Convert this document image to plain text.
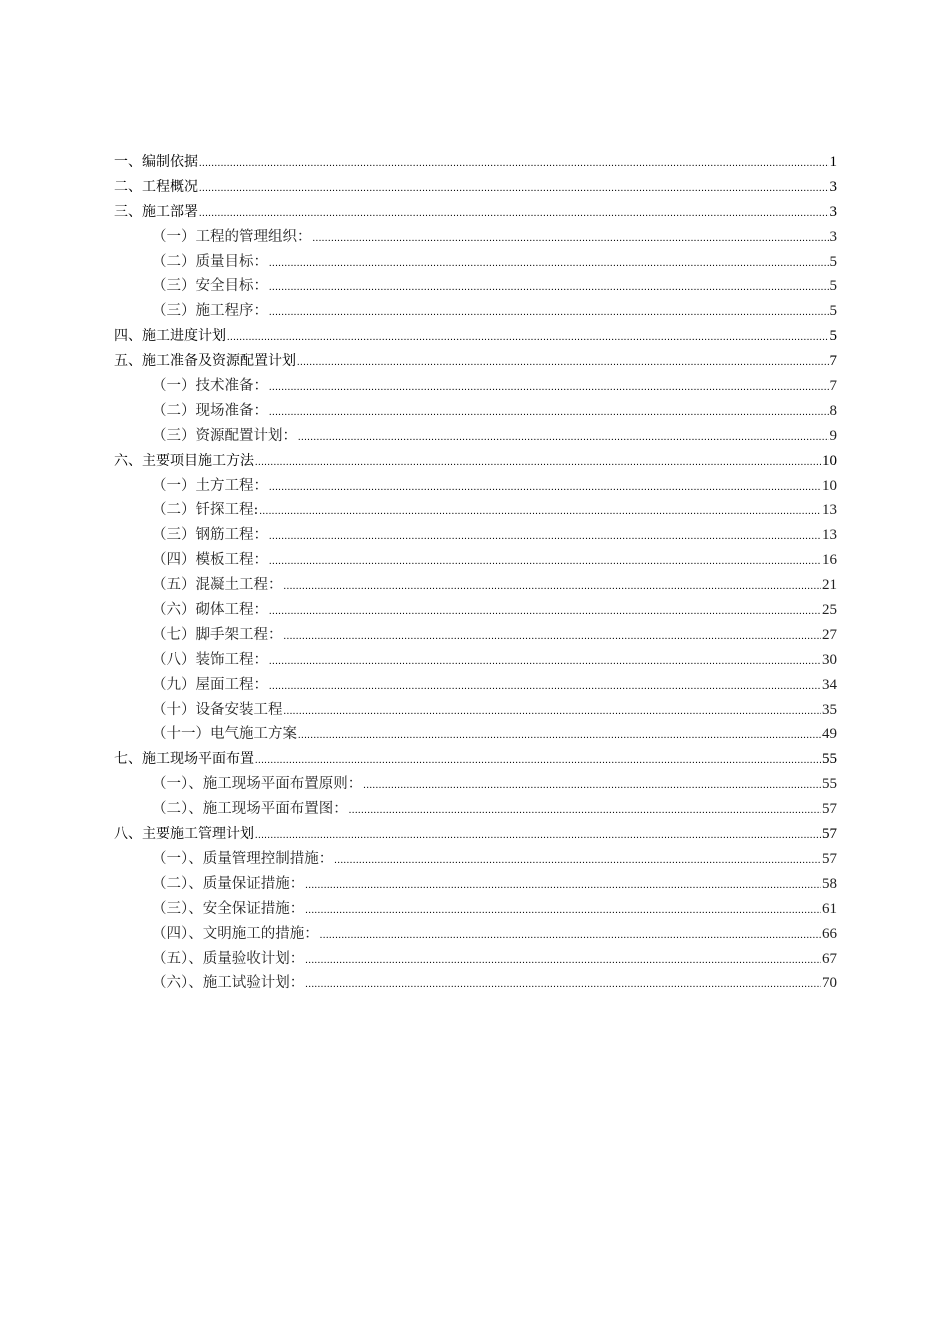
一、编制依据 .....	1
二、工程概况 .....	3
三、施工部署 .....	3
（一）工程的管理组织： .....	3
（二）质量目标： .....	5
（三）安全目标： .....	5
（三）施工程序： .....	5
四、施工进度计划 .....	5
五、施工准备及资源配置计划 .....	7
（一）技术准备： .....	7
（二）现场准备： .....	8
（三）资源配置计划： .....	9
六、主要项目施工方法 .....	10
（一）土方工程： .....	10
（二）钎探工程: .....	13
（三）钢筋工程： .....	13
（四）模板工程： .....	16
（五）混凝土工程： .....	21
（六）砌体工程： .....	25
（七）脚手架工程： .....	27
（八）装饰工程： .....	30
（九）屋面工程： .....	34
（十）设备安装工程 .....	35
（十一）电气施工方案 .....	49
七、施工现场平面布置 .....	55
（一）、施工现场平面布置原则： .....	55
（二）、施工现场平面布置图： .....	57
八、主要施工管理计划 .....	57
（一）、质量管理控制措施： .....	57
（二）、质量保证措施： .....	58
（三）、安全保证措施： .....	61
（四）、文明施工的措施： .....	66
（五）、质量验收计划： .....	67
（六）、施工试验计划： .....	70
